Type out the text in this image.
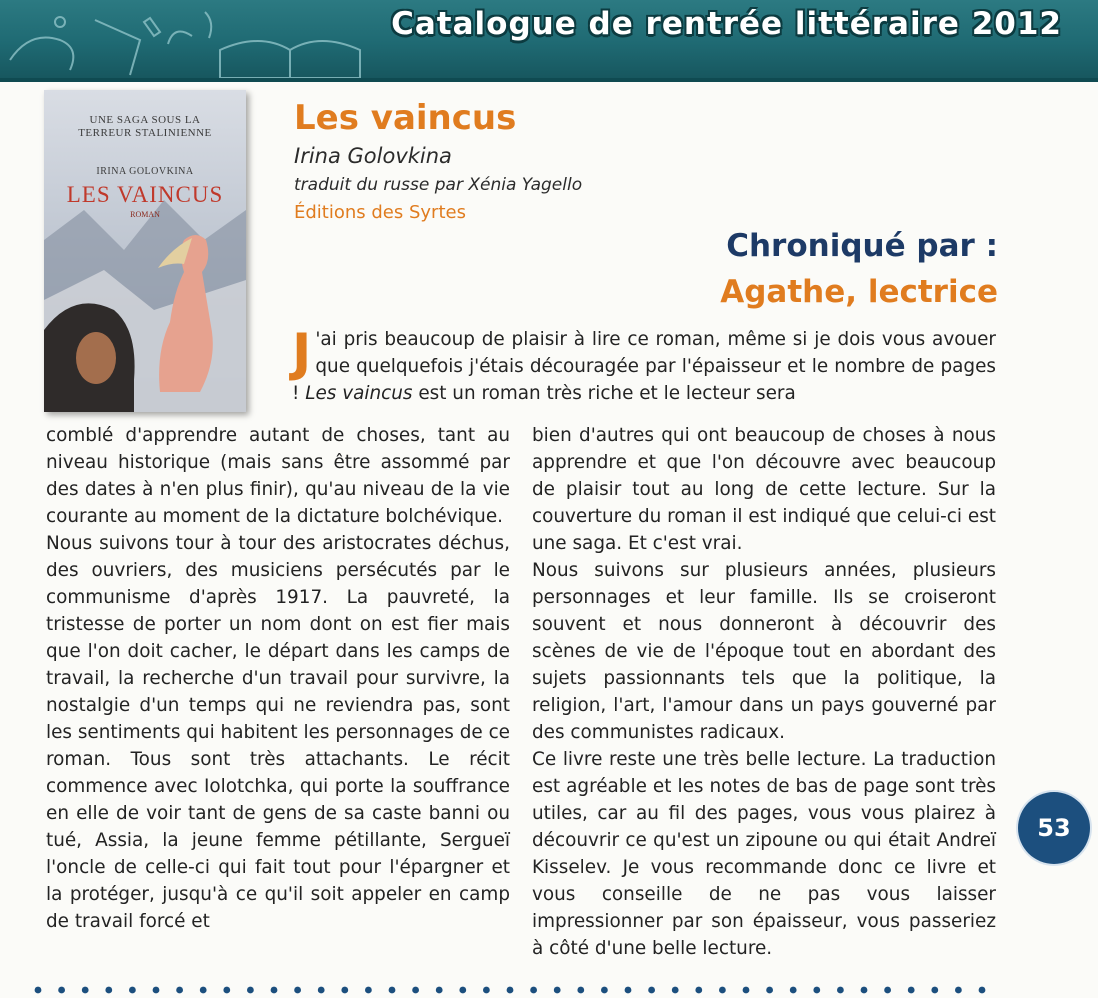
Catalogue de rentrée littéraire 2012
UNE SAGA SOUS LA
TERREUR STALINIENNE
IRINA GOLOVKINA
LES VAINCUS
ROMAN
Les vaincus
Irina Golovkina
traduit du russe par Xénia Yagello
Éditions des Syrtes
Chroniqué par :
Agathe, lectrice

J 'ai pris beaucoup de plaisir à lire ce roman, même si je dois vous avouer que quelquefois j'étais découragée par l'épaisseur et le nombre de pages ! Les vaincus est un roman très riche et le lecteur sera

comblé d'apprendre autant de choses, tant au niveau historique (mais sans être assommé par des dates à n'en plus finir), qu'au niveau de la vie courante au moment de la dictature bolchévique.

Nous suivons tour à tour des aristocrates déchus, des ouvriers, des musiciens persécutés par le communisme d'après 1917. La pauvreté, la tristesse de porter un nom dont on est fier mais que l'on doit cacher, le départ dans les camps de travail, la recherche d'un travail pour survivre, la nostalgie d'un temps qui ne reviendra pas, sont les sentiments qui habitent les personnages de ce roman. Tous sont très attachants. Le récit commence avec Iolotchka, qui porte la souffrance en elle de voir tant de gens de sa caste banni ou tué, Assia, la jeune femme pétillante, Sergueï l'oncle de celle-ci qui fait tout pour l'épargner et la protéger, jusqu'à ce qu'il soit appeler en camp de travail forcé et

bien d'autres qui ont beaucoup de choses à nous apprendre et que l'on découvre avec beaucoup de plaisir tout au long de cette lecture. Sur la couverture du roman il est indiqué que celui-ci est une saga. Et c'est vrai.

Nous suivons sur plusieurs années, plusieurs personnages et leur famille. Ils se croiseront souvent et nous donneront à découvrir des scènes de vie de l'époque tout en abordant des sujets passionnants tels que la politique, la religion, l'art, l'amour dans un pays gouverné par des communistes radicaux.

Ce livre reste une très belle lecture. La traduction est agréable et les notes de bas de page sont très utiles, car au fil des pages, vous vous plairez à découvrir ce qu'est un zipoune ou qui était Andreï Kisselev. Je vous recommande donc ce livre et vous conseille de ne pas vous laisser impressionner par son épaisseur, vous passeriez à côté d'une belle lecture.

53
